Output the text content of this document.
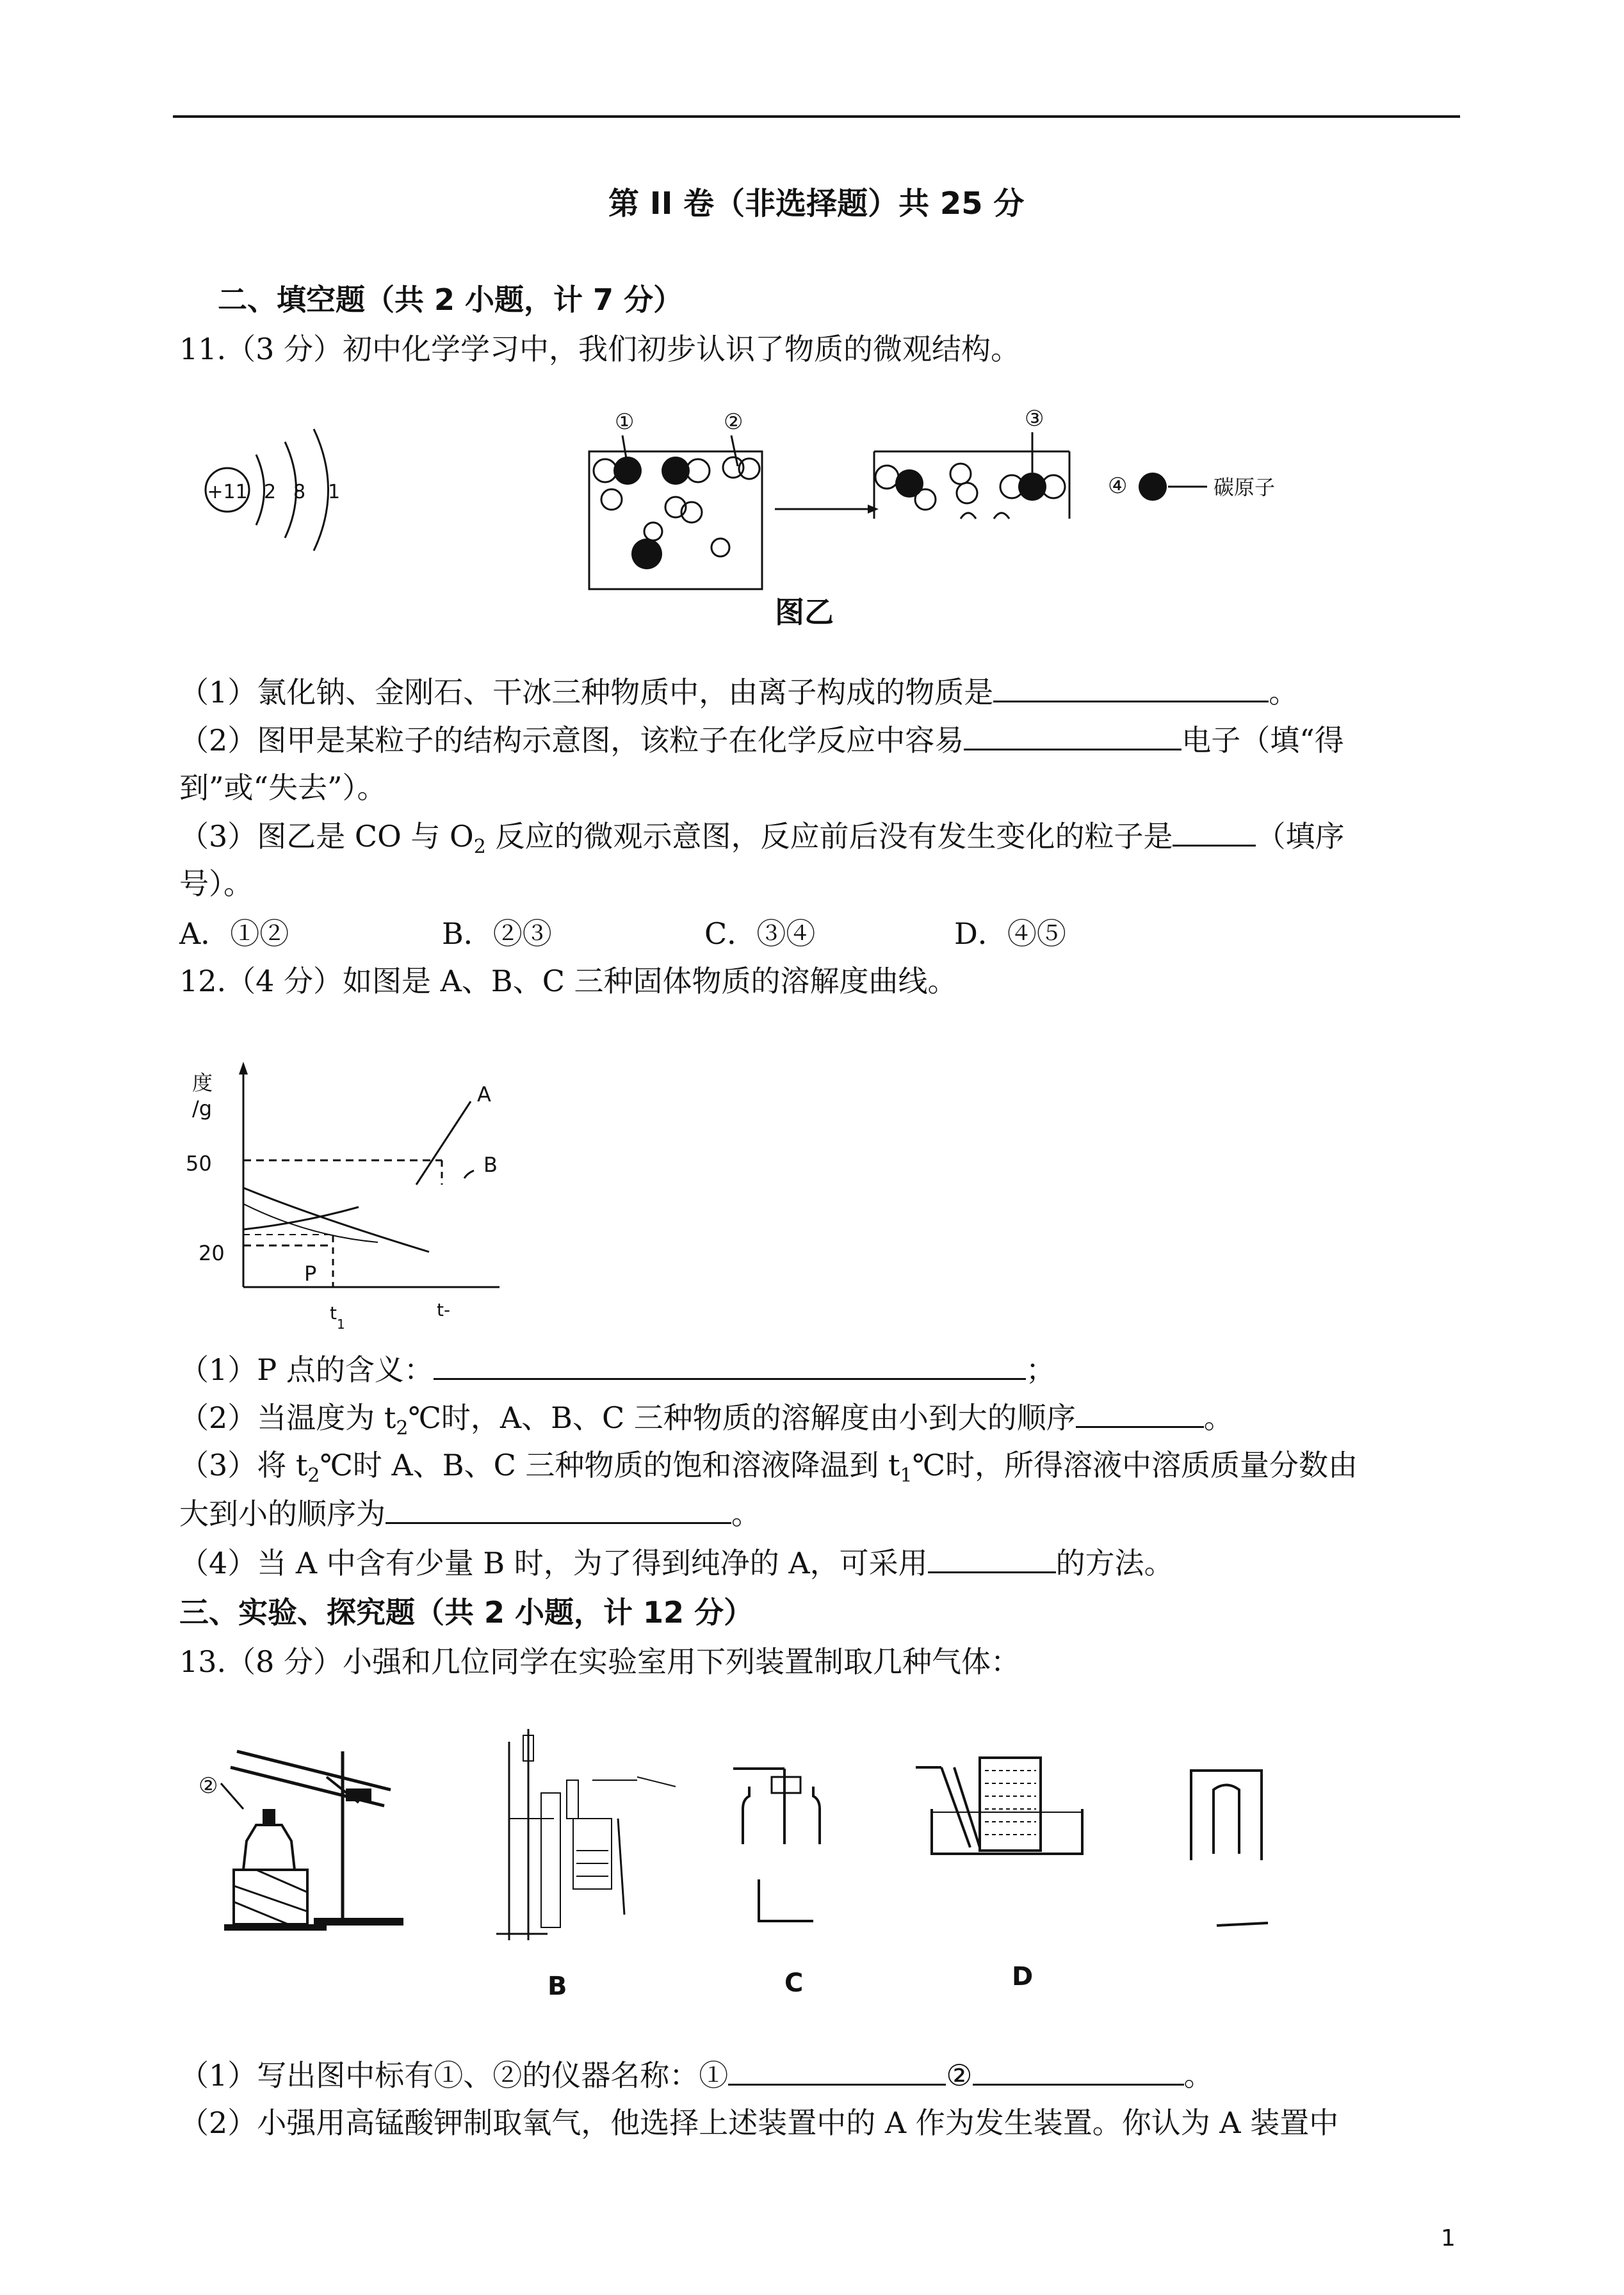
第 II 卷（非选择题）共 25 分
二、填空题（共 2 小题，计 7 分）
11.（3 分）初中化学学习中，我们初步认识了物质的微观结构。
+11 2 8 1
①	②	③
④	碳原子
图乙
（1）氯化钠、金刚石、干冰三种物质中，由离子构成的物质是	。
（2）图甲是某粒子的结构示意图，该粒子在化学反应中容易	电子（填“得
到”或“失去”）。
（3）图乙是 CO 与 $O_2$ 反应的微观示意图，反应前后没有发生变化的粒子是	（填序
号）。
A．①②	B．②③	C．③④	D．④⑤
12.（4 分）如图是 A、B、C 三种固体物质的溶解度曲线。
度
/g
50
20
A
B
P
t
1
t-
（1）P 点的含义：	；
（2）当温度为 $t_2℃$时，A、B、C 三种物质的溶解度由小到大的顺序	。
（3）将 $t_2℃$时 A、B、C 三种物质的饱和溶液降温到 $t_1℃$时，所得溶液中溶质质量分数由
大到小的顺序为	。
（4）当 A 中含有少量 B 时，为了得到纯净的 A，可采用	的方法。
三、实验、探究题（共 2 小题，计 12 分）
13.（8 分）小强和几位同学在实验室用下列装置制取几种气体：
②
B	C	D
（1）写出图中标有①、②的仪器名称：①	②	。
（2）小强用高锰酸钾制取氧气，他选择上述装置中的 A 作为发生装置。你认为 A 装置中
1
